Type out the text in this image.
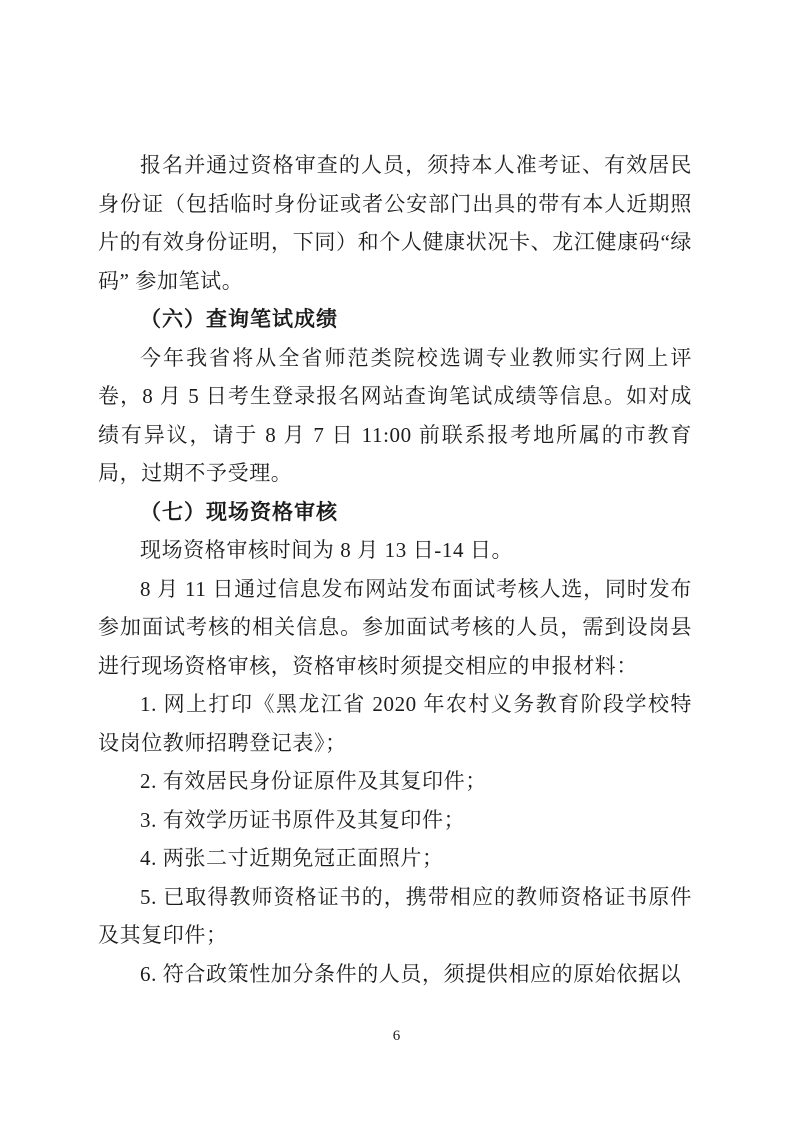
报名并通过资格审查的人员，须持本人准考证、有效居民身份证（包括临时身份证或者公安部门出具的带有本人近期照片的有效身份证明，下同）和个人健康状况卡、龙江健康码“绿码” 参加笔试。

（六）查询笔试成绩

今年我省将从全省师范类院校选调专业教师实行网上评卷，8 月 5 日考生登录报名网站查询笔试成绩等信息。如对成绩有异议，请于 8 月 7 日 11:00 前联系报考地所属的市教育局，过期不予受理。

（七）现场资格审核

现场资格审核时间为 8 月 13 日-14 日。

8 月 11 日通过信息发布网站发布面试考核人选，同时发布参加面试考核的相关信息。参加面试考核的人员，需到设岗县进行现场资格审核，资格审核时须提交相应的申报材料：

1. 网上打印《黑龙江省 2020 年农村义务教育阶段学校特设岗位教师招聘登记表》；

2. 有效居民身份证原件及其复印件；

3. 有效学历证书原件及其复印件；

4. 两张二寸近期免冠正面照片；

5. 已取得教师资格证书的，携带相应的教师资格证书原件及其复印件；

6. 符合政策性加分条件的人员，须提供相应的原始依据以

6
